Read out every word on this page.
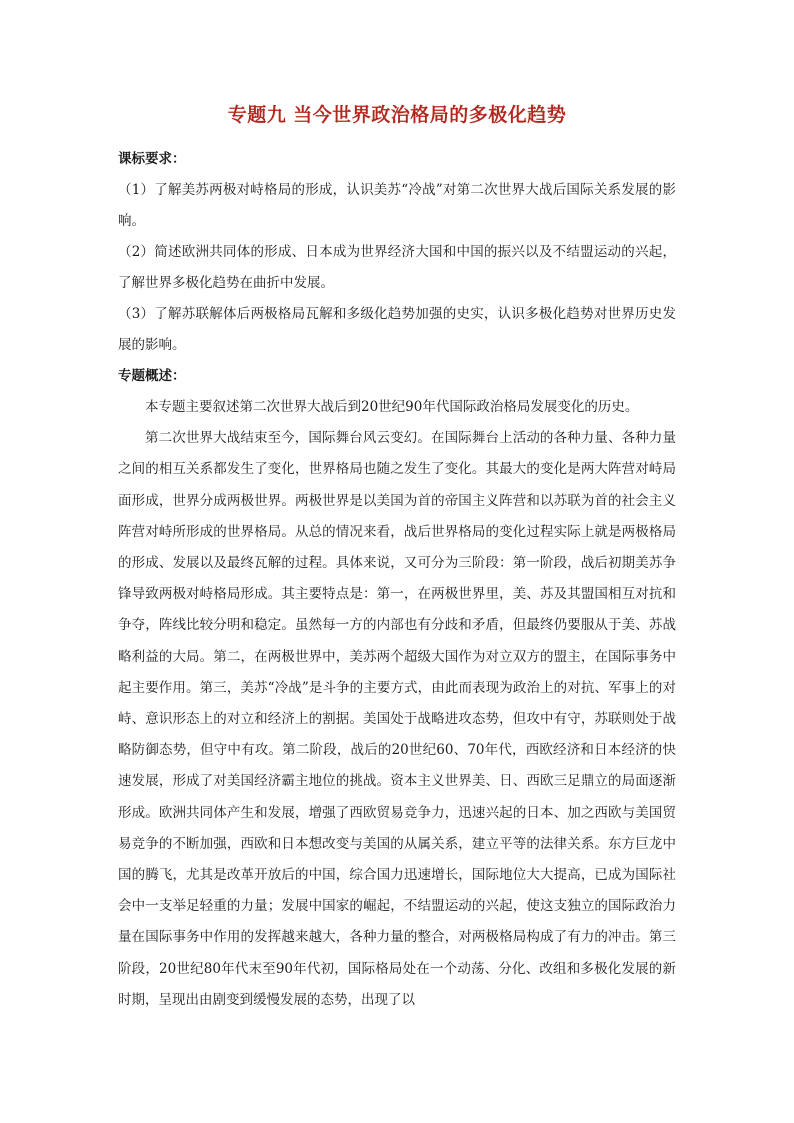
专题九 当今世界政治格局的多极化趋势

课标要求：

（1）了解美苏两极对峙格局的形成，认识美苏“冷战”对第二次世界大战后国际关系发展的影响。

（2）简述欧洲共同体的形成、日本成为世界经济大国和中国的振兴以及不结盟运动的兴起，了解世界多极化趋势在曲折中发展。

（3）了解苏联解体后两极格局瓦解和多级化趋势加强的史实，认识多极化趋势对世界历史发展的影响。

专题概述：

本专题主要叙述第二次世界大战后到20世纪90年代国际政治格局发展变化的历史。

第二次世界大战结束至今，国际舞台风云变幻。在国际舞台上活动的各种力量、各种力量之间的相互关系都发生了变化，世界格局也随之发生了变化。其最大的变化是两大阵营对峙局面形成，世界分成两极世界。两极世界是以美国为首的帝国主义阵营和以苏联为首的社会主义阵营对峙所形成的世界格局。从总的情况来看，战后世界格局的变化过程实际上就是两极格局的形成、发展以及最终瓦解的过程。具体来说，又可分为三阶段：第一阶段，战后初期美苏争锋导致两极对峙格局形成。其主要特点是：第一，在两极世界里，美、苏及其盟国相互对抗和争夺，阵线比较分明和稳定。虽然每一方的内部也有分歧和矛盾，但最终仍要服从于美、苏战略利益的大局。第二，在两极世界中，美苏两个超级大国作为对立双方的盟主，在国际事务中起主要作用。第三，美苏“冷战”是斗争的主要方式，由此而表现为政治上的对抗、军事上的对峙、意识形态上的对立和经济上的割据。美国处于战略进攻态势，但攻中有守，苏联则处于战略防御态势，但守中有攻。第二阶段，战后的20世纪60、70年代，西欧经济和日本经济的快速发展，形成了对美国经济霸主地位的挑战。资本主义世界美、日、西欧三足鼎立的局面逐渐形成。欧洲共同体产生和发展，增强了西欧贸易竞争力，迅速兴起的日本、加之西欧与美国贸易竞争的不断加强，西欧和日本想改变与美国的从属关系，建立平等的法律关系。东方巨龙中国的腾飞，尤其是改革开放后的中国，综合国力迅速增长，国际地位大大提高，已成为国际社会中一支举足轻重的力量；发展中国家的崛起，不结盟运动的兴起，使这支独立的国际政治力量在国际事务中作用的发挥越来越大，各种力量的整合，对两极格局构成了有力的冲击。第三阶段，20世纪80年代末至90年代初，国际格局处在一个动荡、分化、改组和多极化发展的新时期，呈现出由剧变到缓慢发展的态势，出现了以
